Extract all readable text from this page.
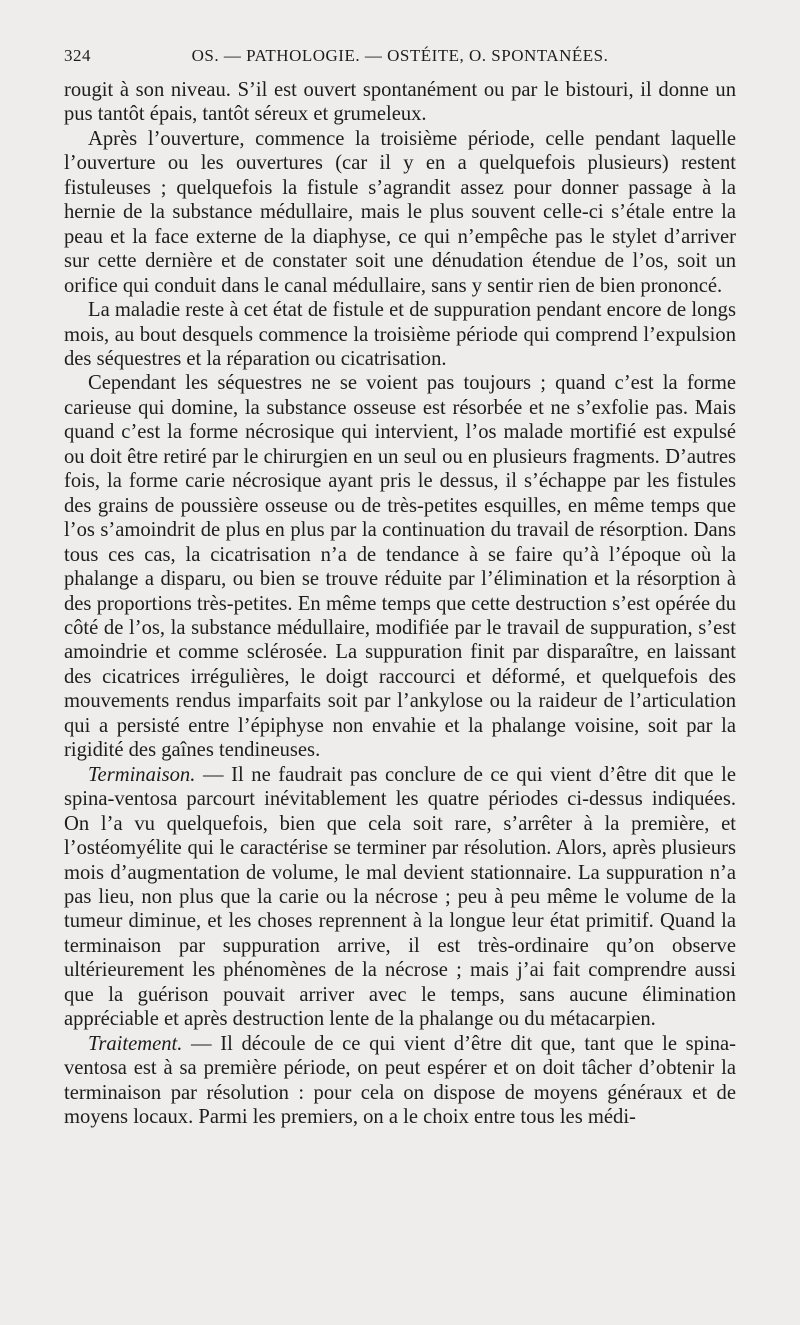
324	OS. — PATHOLOGIE. — OSTÉITE, O. SPONTANÉES.

rougit à son niveau. S’il est ouvert spontanément ou par le bistouri, il donne un pus tantôt épais, tantôt séreux et grumeleux.

Après l’ouverture, commence la troisième période, celle pendant laquelle l’ouverture ou les ouvertures (car il y en a quelquefois plusieurs) restent fistuleuses ; quelquefois la fistule s’agrandit assez pour donner passage à la hernie de la substance médullaire, mais le plus souvent celle-ci s’étale entre la peau et la face externe de la diaphyse, ce qui n’empêche pas le stylet d’arriver sur cette dernière et de constater soit une dénudation étendue de l’os, soit un orifice qui conduit dans le canal médullaire, sans y sentir rien de bien prononcé.

La maladie reste à cet état de fistule et de suppuration pendant encore de longs mois, au bout desquels commence la troisième période qui comprend l’expulsion des séquestres et la réparation ou cicatrisation.

Cependant les séquestres ne se voient pas toujours ; quand c’est la forme carieuse qui domine, la substance osseuse est résorbée et ne s’exfolie pas. Mais quand c’est la forme nécrosique qui intervient, l’os malade mortifié est expulsé ou doit être retiré par le chirurgien en un seul ou en plusieurs fragments. D’autres fois, la forme carie nécrosique ayant pris le dessus, il s’échappe par les fistules des grains de poussière osseuse ou de très-petites esquilles, en même temps que l’os s’amoindrit de plus en plus par la continuation du travail de résorption. Dans tous ces cas, la cicatrisation n’a de tendance à se faire qu’à l’époque où la phalange a disparu, ou bien se trouve réduite par l’élimination et la résorption à des proportions très-petites. En même temps que cette destruction s’est opérée du côté de l’os, la substance médullaire, modifiée par le travail de suppuration, s’est amoindrie et comme sclérosée. La suppuration finit par disparaître, en laissant des cicatrices irrégulières, le doigt raccourci et déformé, et quelquefois des mouvements rendus imparfaits soit par l’ankylose ou la raideur de l’articulation qui a persisté entre l’épiphyse non envahie et la phalange voisine, soit par la rigidité des gaînes tendineuses.

Terminaison. — Il ne faudrait pas conclure de ce qui vient d’être dit que le spina-ventosa parcourt inévitablement les quatre périodes ci-dessus indiquées. On l’a vu quelquefois, bien que cela soit rare, s’arrêter à la première, et l’ostéomyélite qui le caractérise se terminer par résolution. Alors, après plusieurs mois d’augmentation de volume, le mal devient stationnaire. La suppuration n’a pas lieu, non plus que la carie ou la nécrose ; peu à peu même le volume de la tumeur diminue, et les choses reprennent à la longue leur état primitif. Quand la terminaison par suppuration arrive, il est très-ordinaire qu’on observe ultérieurement les phénomènes de la nécrose ; mais j’ai fait comprendre aussi que la guérison pouvait arriver avec le temps, sans aucune élimination appréciable et après destruction lente de la phalange ou du métacarpien.

Traitement. — Il découle de ce qui vient d’être dit que, tant que le spina-ventosa est à sa première période, on peut espérer et on doit tâcher d’obtenir la terminaison par résolution : pour cela on dispose de moyens généraux et de moyens locaux. Parmi les premiers, on a le choix entre tous les médi-
